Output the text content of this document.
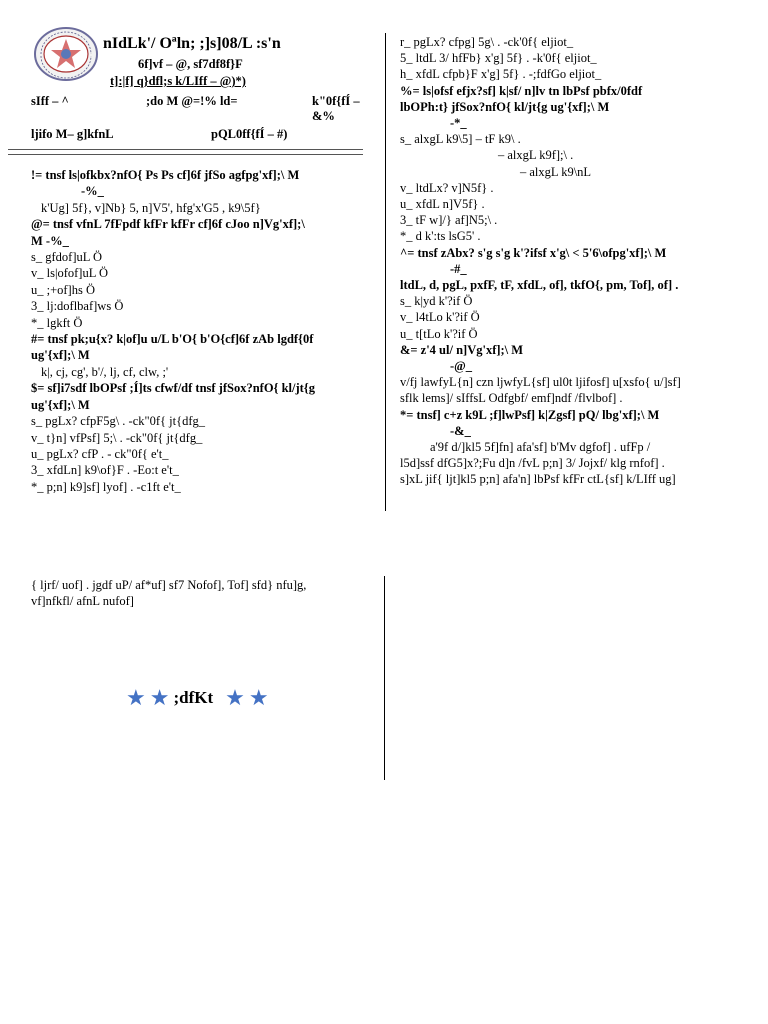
nIdLk'/ Oªln; ;]s]08/L :s'n
6f]vf – @, sf7df8f}F
t]:|f] q}dfl;s k/LIff – @)*)
sIff – ^	;do M @=!% ld=	k"0f{fÍ – &%
ljifo M– g]kfnL	pQL0ff{fÍ – #)
!= tnsf ls|ofkbx?nfO{ Ps Ps cf]6f jfSo agfpg'xf];\ M
-%_
k'Ug] 5f}, v]Nb} 5, n]V5', hfg'x'G5 , k9\5f}
@= tnsf vfnL 7fFpdf kfFr kfFr cf]6f cJoo n]Vg'xf];\
M -%_
s_ gfdof]uL Ö
v_ ls|ofof]uL Ö
u_ ;+of]hs Ö
3_ lj:doflbaf]ws Ö
*_ lgkft Ö
#= tnsf pk;u{x? k|of]u u/L b'O{ b'O{cf]6f zAb lgdf{0f
ug'{xf];\ M
k|, cj, cg', b'/, lj, cf, clw, ;'
$= sf]i7sdf lbOPsf ;Í]ts cfwf/df tnsf jfSox?nfO{ kl/jt{g
ug'{xf];\ M
s_ pgLx? cfpF5g\ . -ck"0f{ jt{dfg_
v_ t}n] vfPsf] 5;\ . -ck"0f{ jt{dfg_
u_ pgLx? cfP . - ck"0f{ e't_
3_ xfdLn] k9\of}F . -Eo:t e't_
*_ p;n] k9]sf] lyof] . -c1ft e't_
r_ pgLx? cfpg] 5g\ . -ck'0f{ eljiot_
5_ ltdL 3/ hfFb} x'g] 5f} . -k'0f{ eljiot_
h_ xfdL cfpb}F x'g] 5f} . -;fdfGo eljiot_
%= ls|ofsf efjx?sf] k|sf/ n]lv tn lbPsf pbfx/0fdf
lbOPh:t} jfSox?nfO{ kl/jt{g ug'{xf];\ M
-*_
s_ alxgL k9\5] – tF k9\ .
– alxgL k9f];\ .
– alxgL k9\nL
v_ ltdLx? v]N5f} .
u_ xfdL n]V5f} .
3_ tF w]/} af]N5;\ .
*_ d k':ts lsG5' .
^= tnsf zAbx? s'g s'g k'?ifsf x'g\ < 5'6\ofpg'xf];\ M
-#_
ltdL, d, pgL, pxfF, tF, xfdL, of], tkfO{, pm, Tof], of] .
s_ k|yd k'?if Ö
v_ l4tLo k'?if Ö
u_ t[tLo k'?if Ö
&= z'4 ul/ n]Vg'xf];\ M
-@_
v/fj lawfyL{n] czn ljwfyL{sf] ul0t ljifosf] u[xsfo{ u/]sf]
sflk lems]/ sIffsL Odfgbf/ emf]ndf /flvlbof] .
*= tnsf] c+z k9L ;f]lwPsf] k|Zgsf] pQ/ lbg'xf];\ M
-&_
a'9f d/]kl5 5f]fn] afa'sf] b'Mv dgfof] . ufFp /
l5d]ssf dfG5]x?;Fu d]n /fvL p;n] 3/ Jojxf/ klg rnfof] .
s]xL jif{ ljt]kl5 p;n] afa'n] lbPsf kfFr ctL{sf] k/LIff ug]
{ ljrf/ uof] . jgdf uP/ af*uf] sf7 Nofof], Tof] sfd} nfu]g,
vf]nfkfl/ afnL nufof]
★ ★ ;dfKt ★ ★
